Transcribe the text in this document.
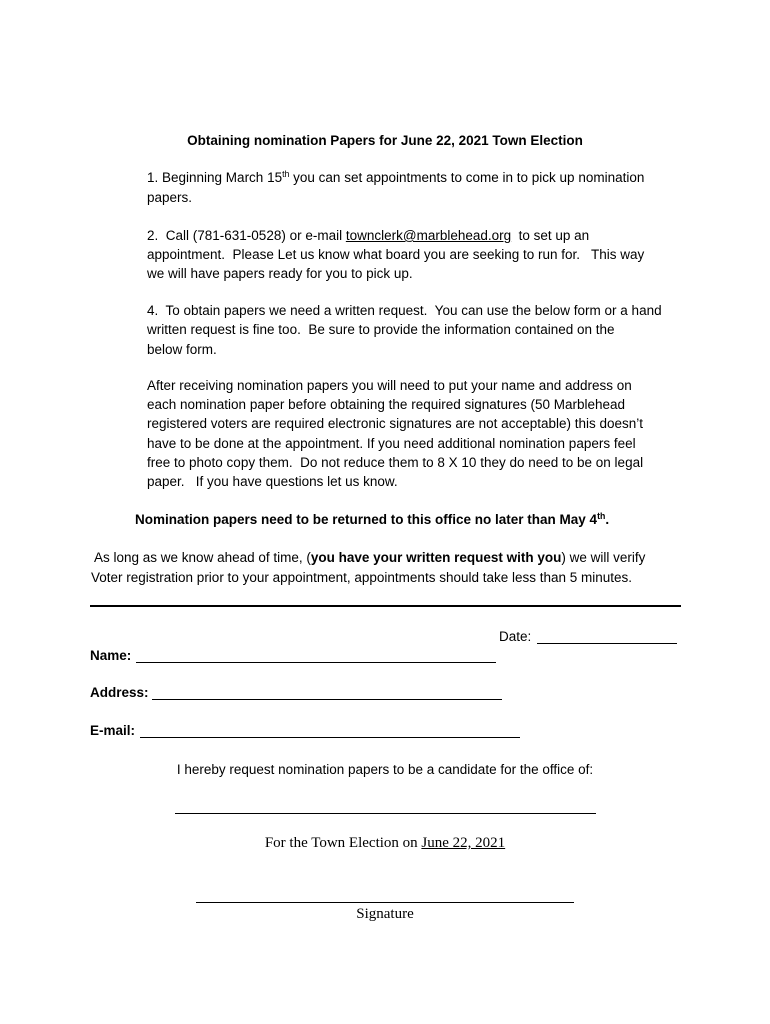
Obtaining nomination Papers for June 22, 2021 Town Election
1. Beginning March 15th you can set appointments to come in to pick up nomination
papers.
2.  Call (781-631-0528) or e-mail townclerk@marblehead.org  to set up an
appointment.  Please Let us know what board you are seeking to run for.   This way
we will have papers ready for you to pick up.
4.  To obtain papers we need a written request.  You can use the below form or a hand
written request is fine too.  Be sure to provide the information contained on the
below form.
After receiving nomination papers you will need to put your name and address on
each nomination paper before obtaining the required signatures (50 Marblehead
registered voters are required electronic signatures are not acceptable) this doesn’t
have to be done at the appointment. If you need additional nomination papers feel
free to photo copy them.  Do not reduce them to 8 X 10 they do need to be on legal
paper.   If you have questions let us know.
Nomination papers need to be returned to this office no later than May 4th.
As long as we know ahead of time, (you have your written request with you) we will verify
Voter registration prior to your appointment, appointments should take less than 5 minutes.
Date:
Name:
Address:
E-mail:
I hereby request nomination papers to be a candidate for the office of:
For the Town Election on June 22, 2021
Signature
